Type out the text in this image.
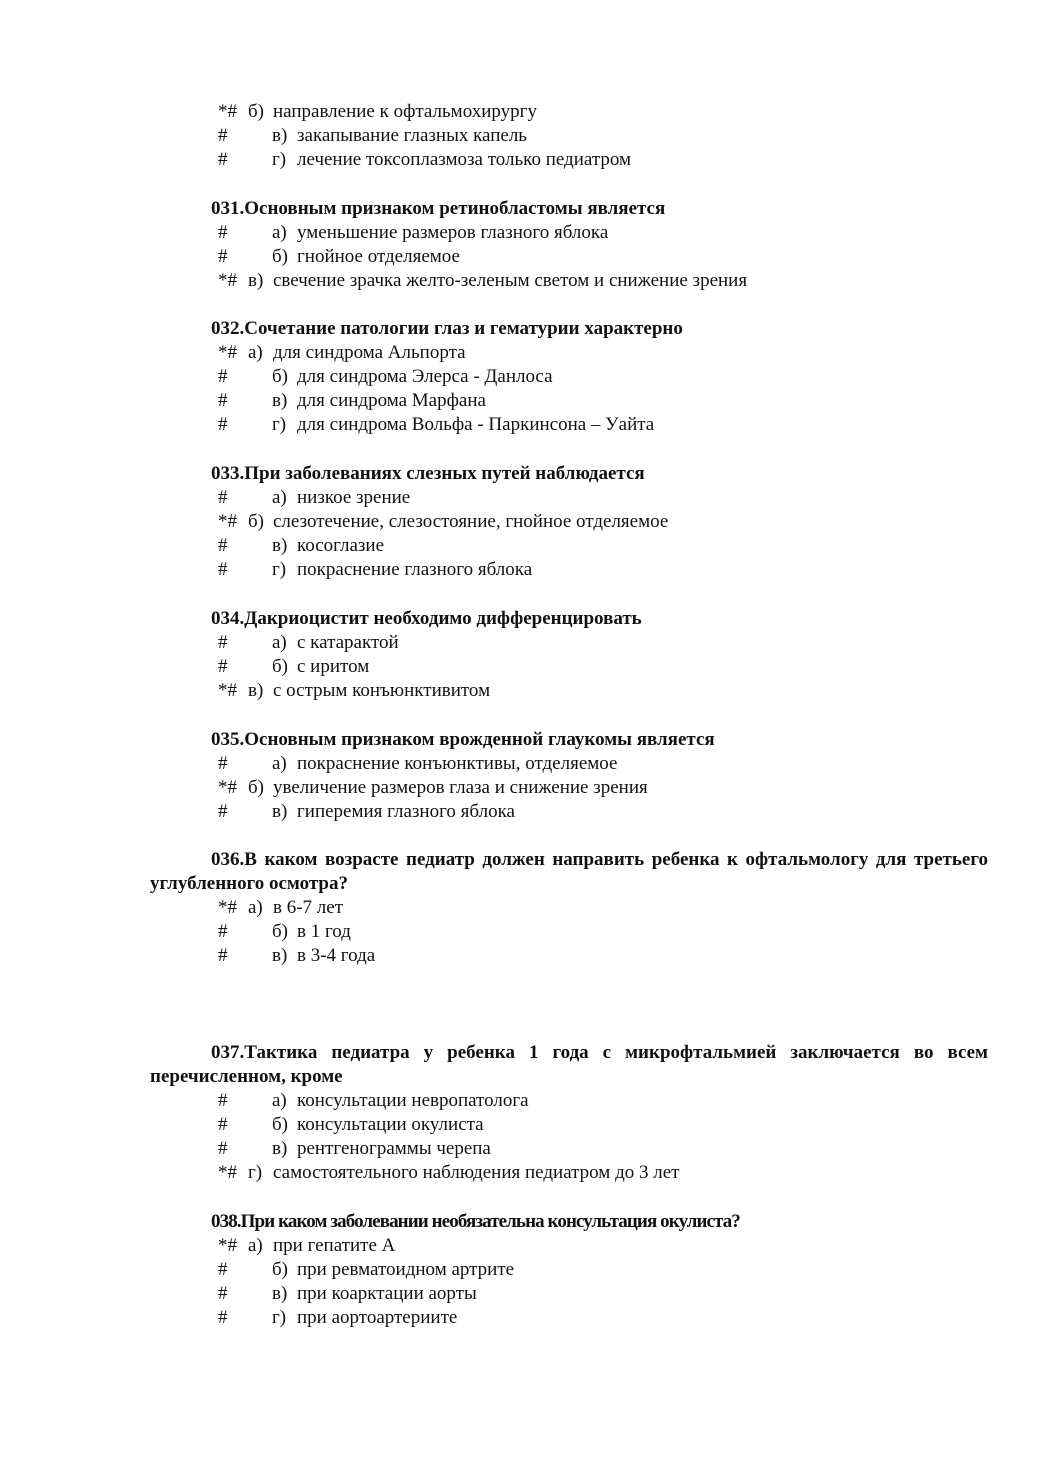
*# б) направление к офтальмохирургу
# в) закапывание глазных капель
# г) лечение токсоплазмоза только педиатром
031.Основным признаком ретинобластомы является
# а) уменьшение размеров глазного яблока
# б) гнойное отделяемое
*# в) свечение зрачка желто-зеленым светом и снижение зрения
032.Сочетание патологии глаз и гематурии характерно
*# а) для синдрома Альпорта
# б) для синдрома Элерса - Данлоса
# в) для синдрома Марфана
# г) для синдрома Вольфа - Паркинсона – Уайта
033.При заболеваниях слезных путей наблюдается
# а) низкое зрение
*# б) слезотечение, слезостояние, гнойное отделяемое
# в) косоглазие
# г) покраснение глазного яблока
034.Дакриоцистит необходимо дифференцировать
# а) с катарактой
# б) с иритом
*# в) с острым конъюнктивитом
035.Основным признаком врожденной глаукомы является
# а) покраснение конъюнктивы, отделяемое
*# б) увеличение размеров глаза и снижение зрения
# в) гиперемия глазного яблока
036.В каком возрасте педиатр должен направить ребенка к офтальмологу для третьего углубленного осмотра?
*# а) в 6-7 лет
# б) в 1 год
# в) в 3-4 года
037.Тактика педиатра у ребенка 1 года с микрофтальмией заключается во всем перечисленном, кроме
# а) консультации невропатолога
# б) консультации окулиста
# в) рентгенограммы черепа
*# г) самостоятельного наблюдения педиатром до 3 лет
038.При каком заболевании необязательна консультация окулиста?
*# а) при гепатите А
# б) при ревматоидном артрите
# в) при коарктации аорты
# г) при аортоартериите
